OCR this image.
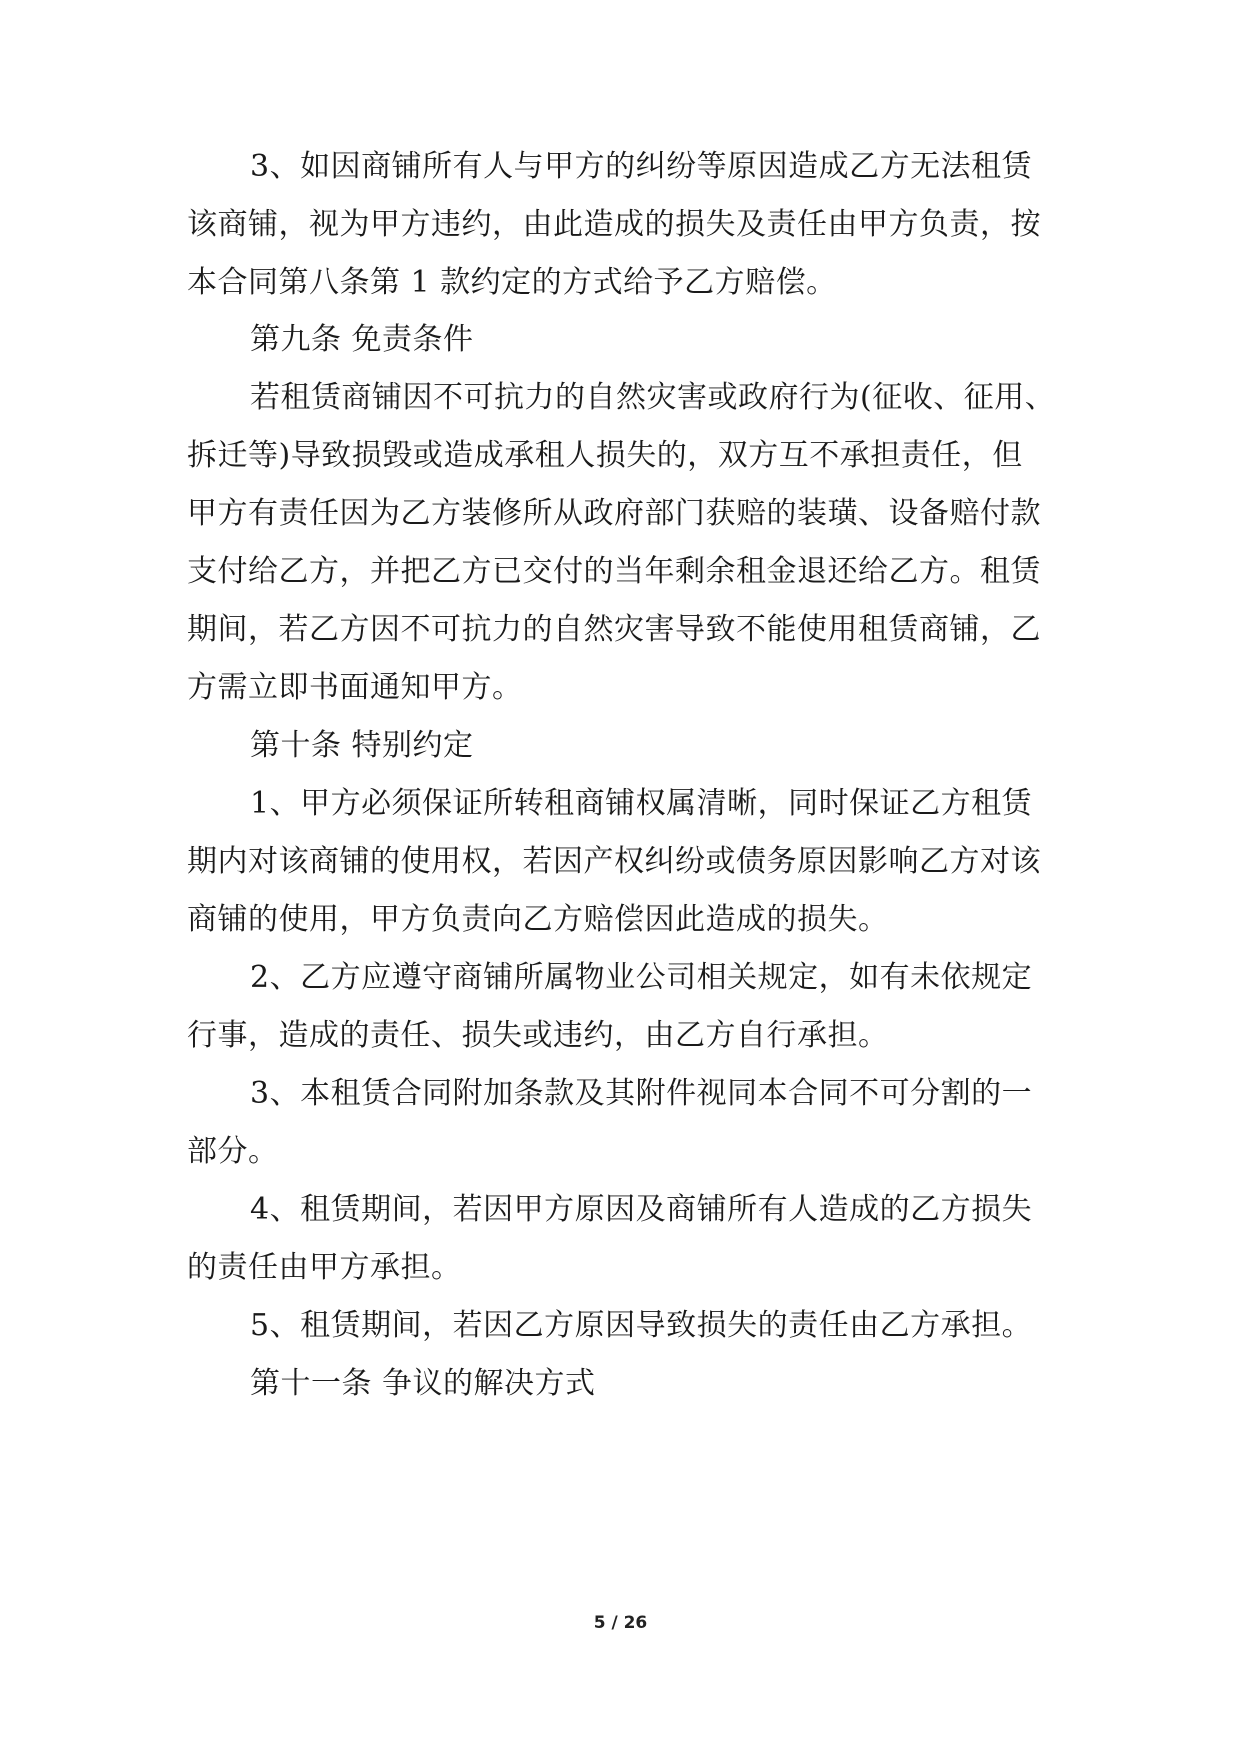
3、如因商铺所有人与甲方的纠纷等原因造成乙方无法租赁

该商铺，视为甲方违约，由此造成的损失及责任由甲方负责，按

本合同第八条第 1 款约定的方式给予乙方赔偿。

第九条 免责条件

若租赁商铺因不可抗力的自然灾害或政府行为(征收、征用、

拆迁等)导致损毁或造成承租人损失的，双方互不承担责任，但

甲方有责任因为乙方装修所从政府部门获赔的装璜、设备赔付款

支付给乙方，并把乙方已交付的当年剩余租金退还给乙方。租赁

期间，若乙方因不可抗力的自然灾害导致不能使用租赁商铺，乙

方需立即书面通知甲方。

第十条 特别约定

1、甲方必须保证所转租商铺权属清晰，同时保证乙方租赁

期内对该商铺的使用权，若因产权纠纷或债务原因影响乙方对该

商铺的使用，甲方负责向乙方赔偿因此造成的损失。

2、乙方应遵守商铺所属物业公司相关规定，如有未依规定

行事，造成的责任、损失或违约，由乙方自行承担。

3、本租赁合同附加条款及其附件视同本合同不可分割的一

部分。

4、租赁期间，若因甲方原因及商铺所有人造成的乙方损失

的责任由甲方承担。

5、租赁期间，若因乙方原因导致损失的责任由乙方承担。

第十一条 争议的解决方式

5 / 26
